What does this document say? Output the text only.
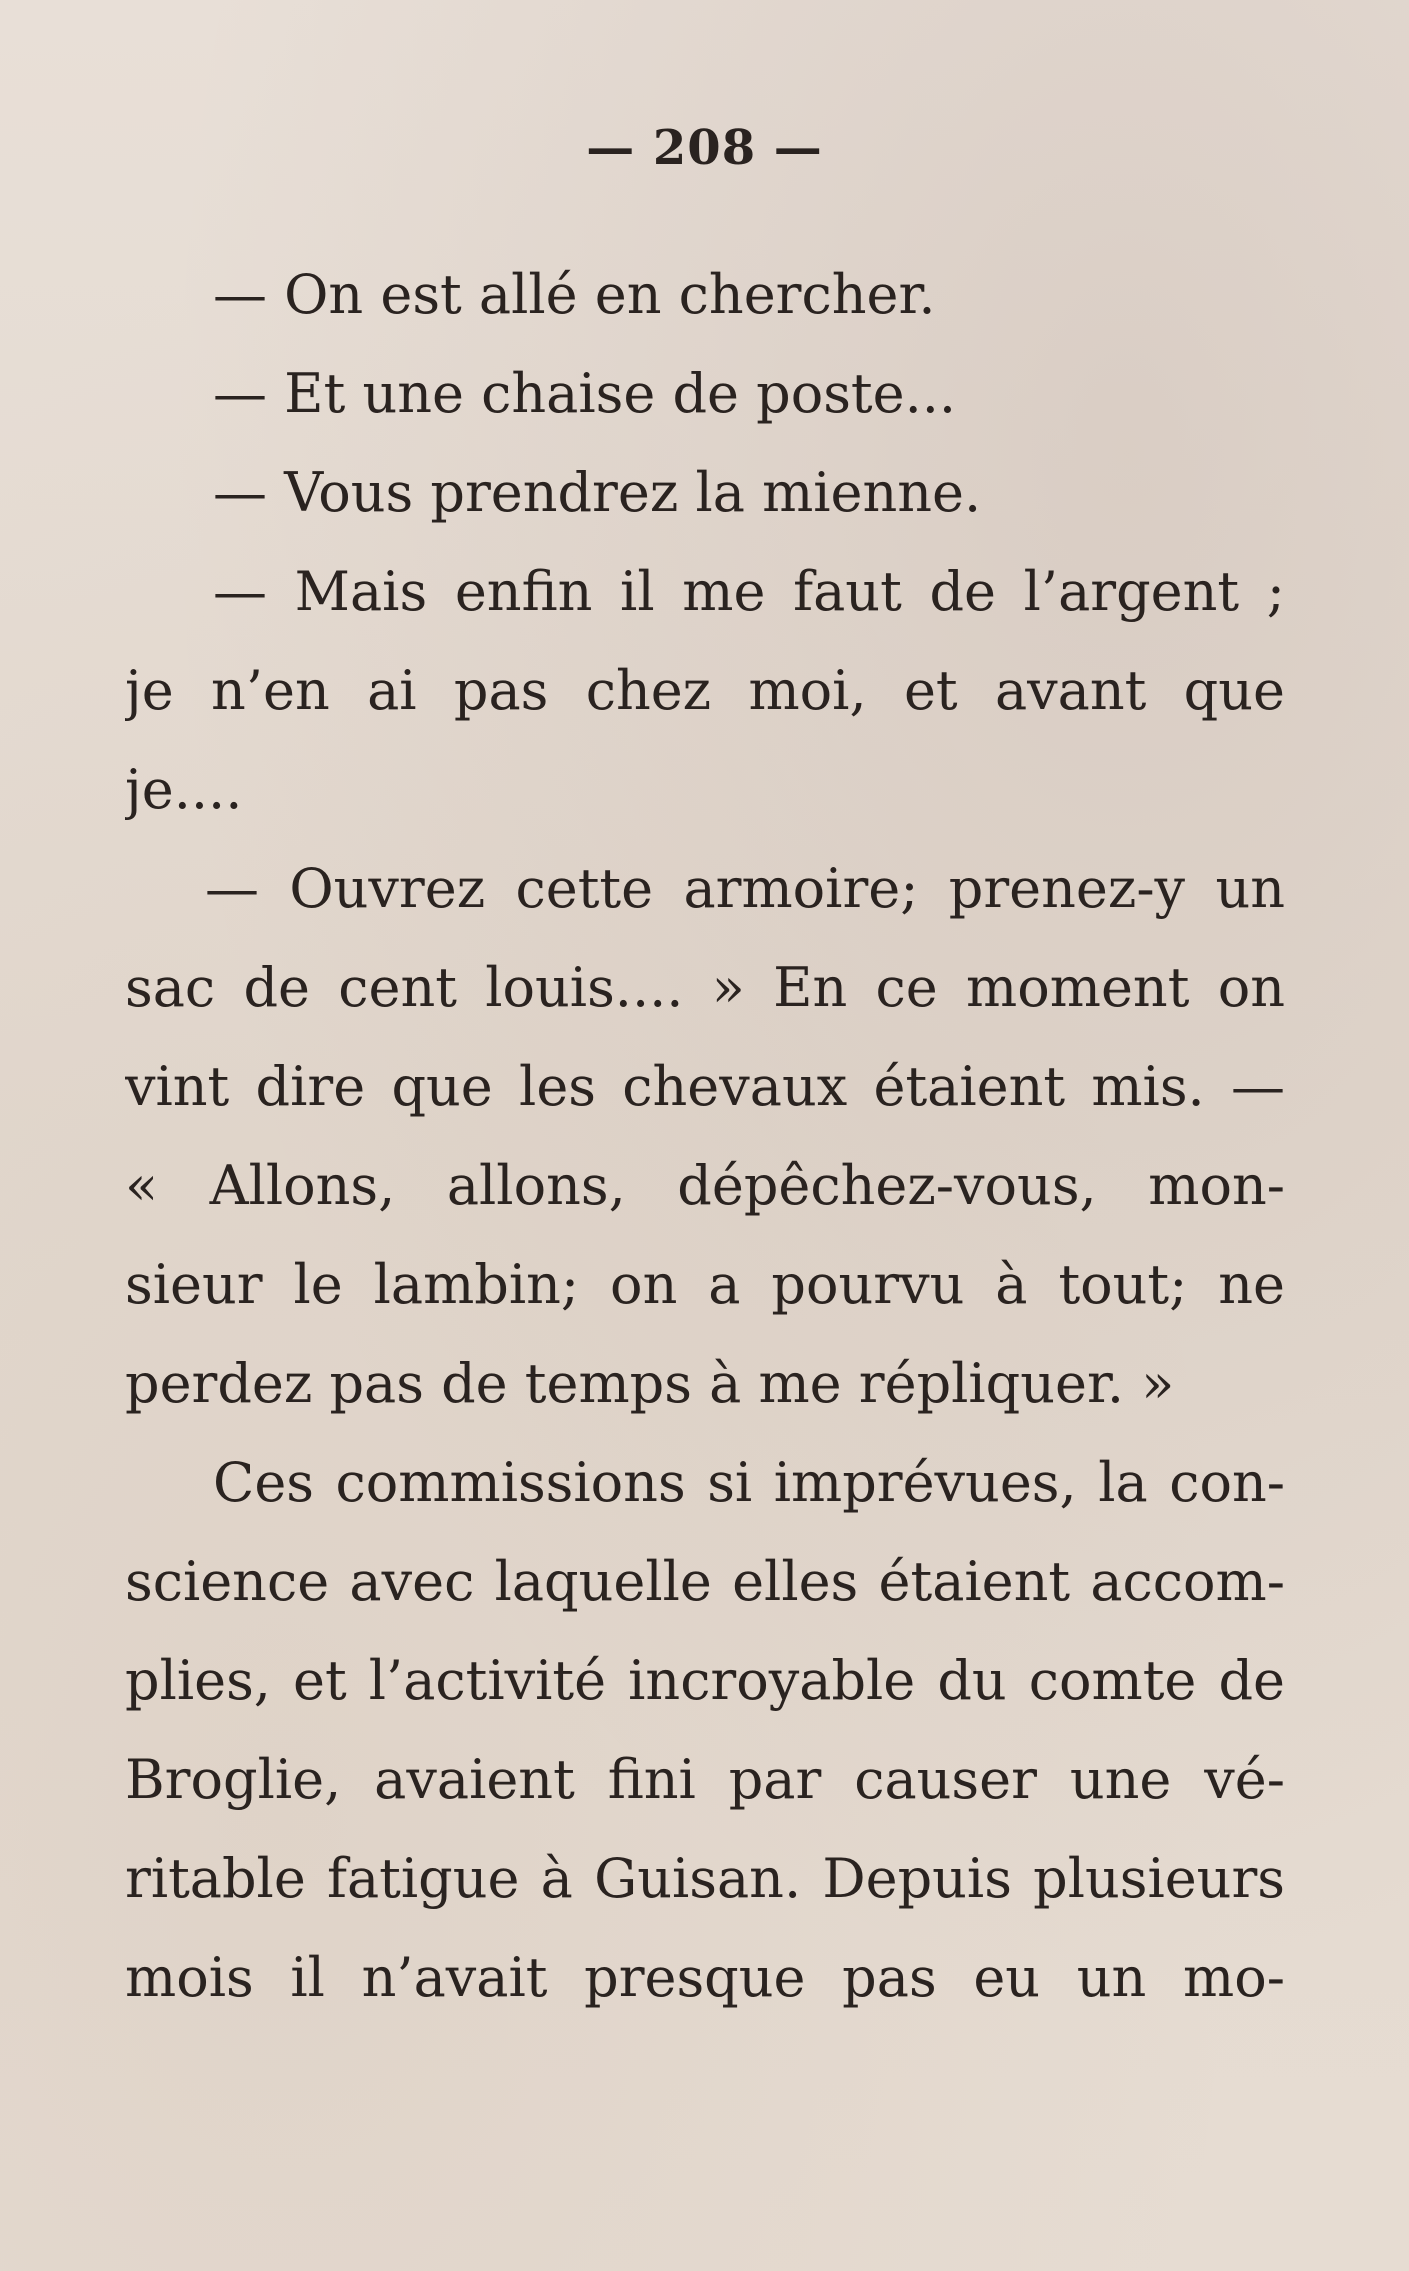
— 208 —
— On est allé en chercher.
— Et une chaise de poste...
— Vous prendrez la mienne.
— Mais enfin il me faut de l’argent ;
je n’en ai pas chez moi, et avant que
je....
— Ouvrez cette armoire; prenez-y un
sac de cent louis.... » En ce moment on
vint dire que les chevaux étaient mis. —
« Allons, allons, dépêchez-vous, mon-
sieur le lambin; on a pourvu à tout; ne
perdez pas de temps à me répliquer. »
Ces commissions si imprévues, la con-
science avec laquelle elles étaient accom-
plies, et l’activité incroyable du comte de
Broglie, avaient fini par causer une vé-
ritable fatigue à Guisan. Depuis plusieurs
mois il n’avait presque pas eu un mo-
